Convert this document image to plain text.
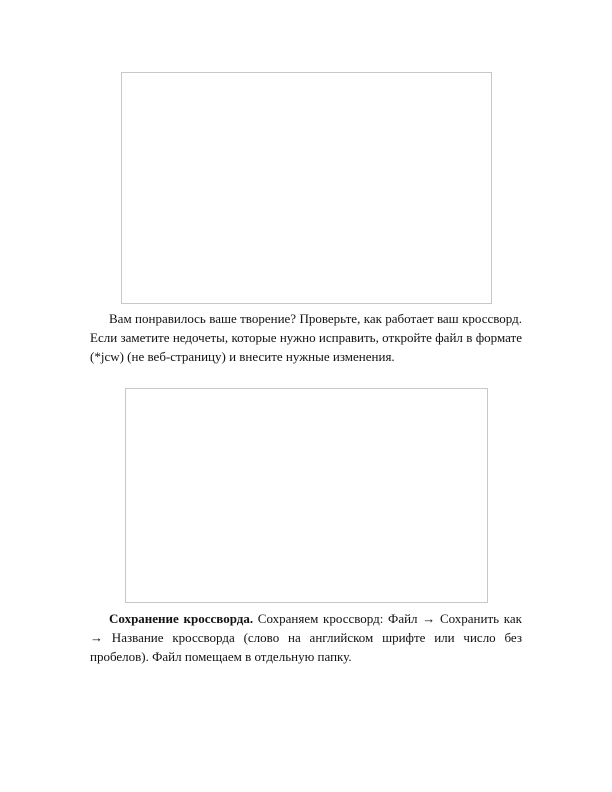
Вам понравилось ваше творение? Проверьте, как работает ваш кроссворд. Если заметите недочеты, которые нужно исправить, откройте файл в формате (*jcw) (не веб-страницу) и внесите нужные изменения.

Сохранение кроссворда. Сохраняем кроссворд: Файл → Сохранить как → Название кроссворда (слово на английском шрифте или число без пробелов). Файл помещаем в отдельную папку.
